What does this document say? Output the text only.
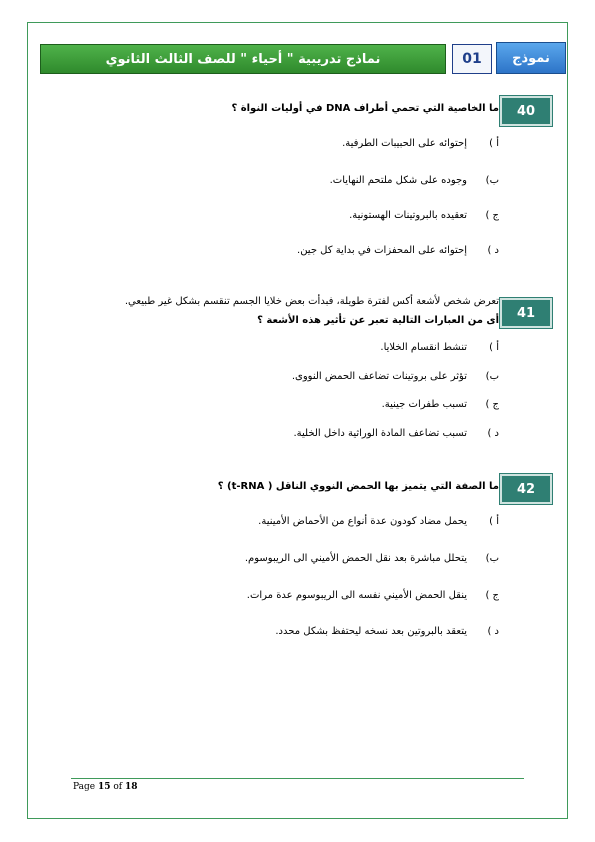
نماذج تدريبية " أحياء " للصف الثالث الثانوي	01	نموذج
40
ما الخاصية التي تحمي أطراف DNA في أوليات النواة ؟
أ )
إحتوائه على الحبيبات الطرفية.
ب)
وجوده على شكل ملتحم النهايات.
ج )
تعقيده بالبروتينات الهستونية.
د )
إحتوائه على المحفزات في بداية كل جين.
41
تعرض شخص لأشعة أكس لفترة طويلة، فبدأت بعض خلايا الجسم تنقسم بشكل غير طبيعي.
أى من العبارات التالية تعبر عن تأثير هذه الأشعة ؟
أ )
تنشط انقسام الخلايا.
ب)
تؤثر على بروتينات تضاعف الحمض النووى.
ج )
تسبب طفرات جينية.
د )
تسبب تضاعف المادة الوراثية داخل الخلية.
42
ما الصفة التي يتميز بها الحمض النووي الناقل ( t-RNA) ؟
أ )
يحمل مضاد كودون عدة أنواع من الأحماض الأمينية.
ب)
يتحلل مباشرة بعد نقل الحمض الأميني الى الريبوسوم.
ج )
ينقل الحمض الأميني نفسه الى الريبوسوم عدة مرات.
د )
يتعقد بالبروتين بعد نسخه ليحتفظ بشكل محدد.
Page 15 of 18
